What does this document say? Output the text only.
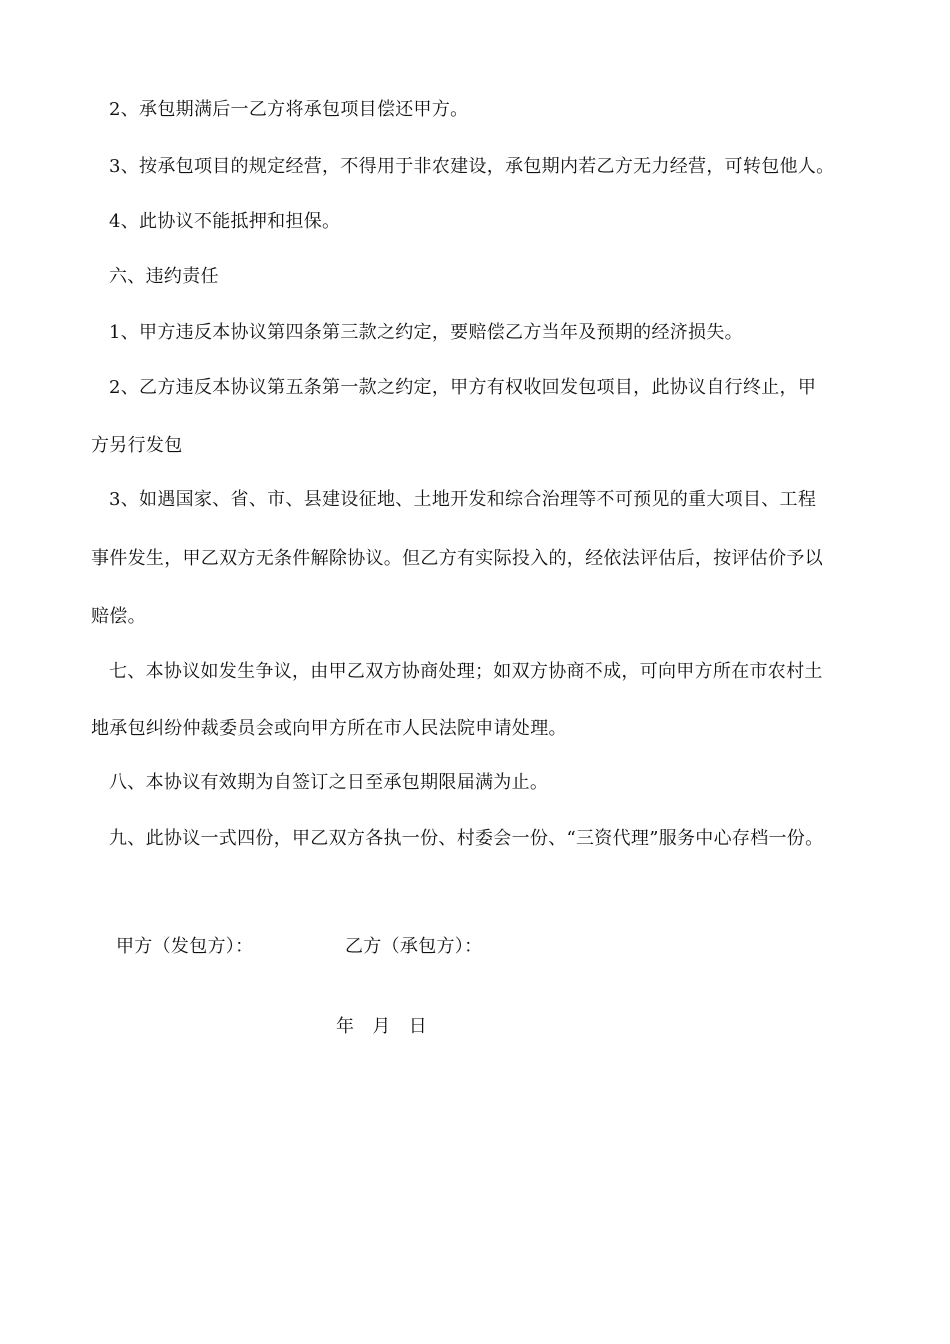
2、承包期满后一乙方将承包项目偿还甲方。
3、按承包项目的规定经营，不得用于非农建设，承包期内若乙方无力经营，可转包他人。
4、此协议不能抵押和担保。
六、违约责任
1、甲方违反本协议第四条第三款之约定，要赔偿乙方当年及预期的经济损失。
2、乙方违反本协议第五条第一款之约定，甲方有权收回发包项目，此协议自行终止，甲
方另行发包
3、如遇国家、省、市、县建设征地、土地开发和综合治理等不可预见的重大项目、工程
事件发生，甲乙双方无条件解除协议。但乙方有实际投入的，经依法评估后，按评估价予以
赔偿。
七、本协议如发生争议，由甲乙双方协商处理；如双方协商不成，可向甲方所在市农村土
地承包纠纷仲裁委员会或向甲方所在市人民法院申请处理。
八、本协议有效期为自签订之日至承包期限届满为止。
九、此协议一式四份，甲乙双方各执一份、村委会一份、“三资代理”服务中心存档一份。
甲方（发包方）：	乙方（承包方）：
年   月   日
